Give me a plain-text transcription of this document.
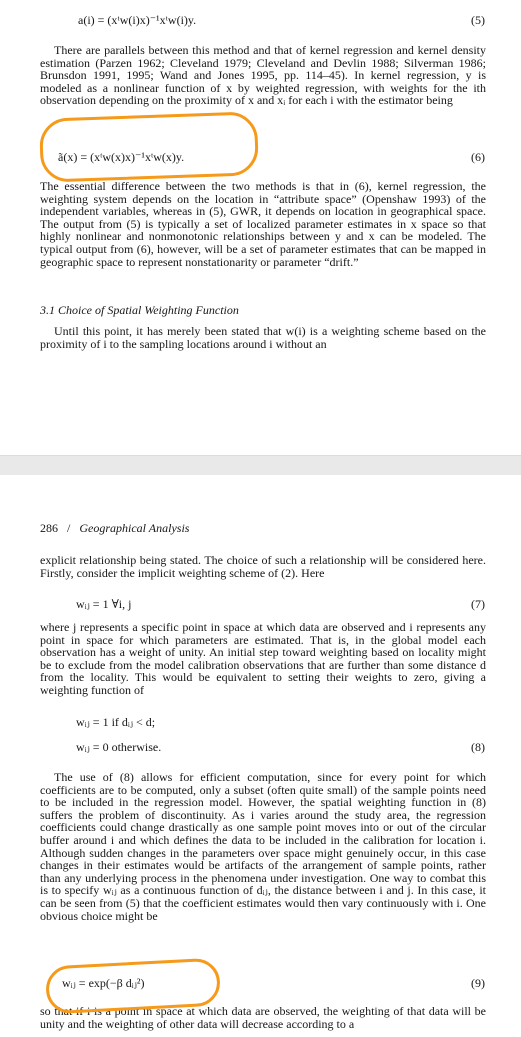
a(i) = (xᵗw(i)x)⁻¹xᵗw(i)y.	(5)

There are parallels between this method and that of kernel regression and kernel density estimation (Parzen 1962; Cleveland 1979; Cleveland and Devlin 1988; Silverman 1986; Brunsdon 1991, 1995; Wand and Jones 1995, pp. 114–45). In kernel regression, y is modeled as a nonlinear function of x by weighted regression, with weights for the ith observation depending on the proximity of x and xᵢ for each i with the estimator being

ã(x) = (xᵗw(x)x)⁻¹xᵗw(x)y.	(6)

The essential difference between the two methods is that in (6), kernel regression, the weighting system depends on the location in “attribute space” (Openshaw 1993) of the independent variables, whereas in (5), GWR, it depends on location in geographical space. The output from (5) is typically a set of localized parameter estimates in x space so that highly nonlinear and nonmonotonic relationships between y and x can be modeled. The typical output from (6), however, will be a set of parameter estimates that can be mapped in geographic space to represent nonstationarity or parameter “drift.”

3.1 Choice of Spatial Weighting Function

Until this point, it has merely been stated that w(i) is a weighting scheme based on the proximity of i to the sampling locations around i without an

286 / Geographical Analysis

explicit relationship being stated. The choice of such a relationship will be considered here. Firstly, consider the implicit weighting scheme of (2). Here

wᵢⱼ = 1 ∀i, j	(7)

where j represents a specific point in space at which data are observed and i represents any point in space for which parameters are estimated. That is, in the global model each observation has a weight of unity. An initial step toward weighting based on locality might be to exclude from the model calibration observations that are further than some distance d from the locality. This would be equivalent to setting their weights to zero, giving a weighting function of

wᵢⱼ = 1 if dᵢⱼ < d;
wᵢⱼ = 0 otherwise.	(8)

The use of (8) allows for efficient computation, since for every point for which coefficients are to be computed, only a subset (often quite small) of the sample points need to be included in the regression model. However, the spatial weighting function in (8) suffers the problem of discontinuity. As i varies around the study area, the regression coefficients could change drastically as one sample point moves into or out of the circular buffer around i and which defines the data to be included in the calibration for location i. Although sudden changes in the parameters over space might genuinely occur, in this case changes in their estimates would be artifacts of the arrangement of sample points, rather than any underlying process in the phenomena under investigation. One way to combat this is to specify wᵢⱼ as a continuous function of dᵢⱼ, the distance between i and j. In this case, it can be seen from (5) that the coefficient estimates would then vary continuously with i. One obvious choice might be

wᵢⱼ = exp(−β dᵢⱼ²)	(9)

so that if i is a point in space at which data are observed, the weighting of that data will be unity and the weighting of other data will decrease according to a
